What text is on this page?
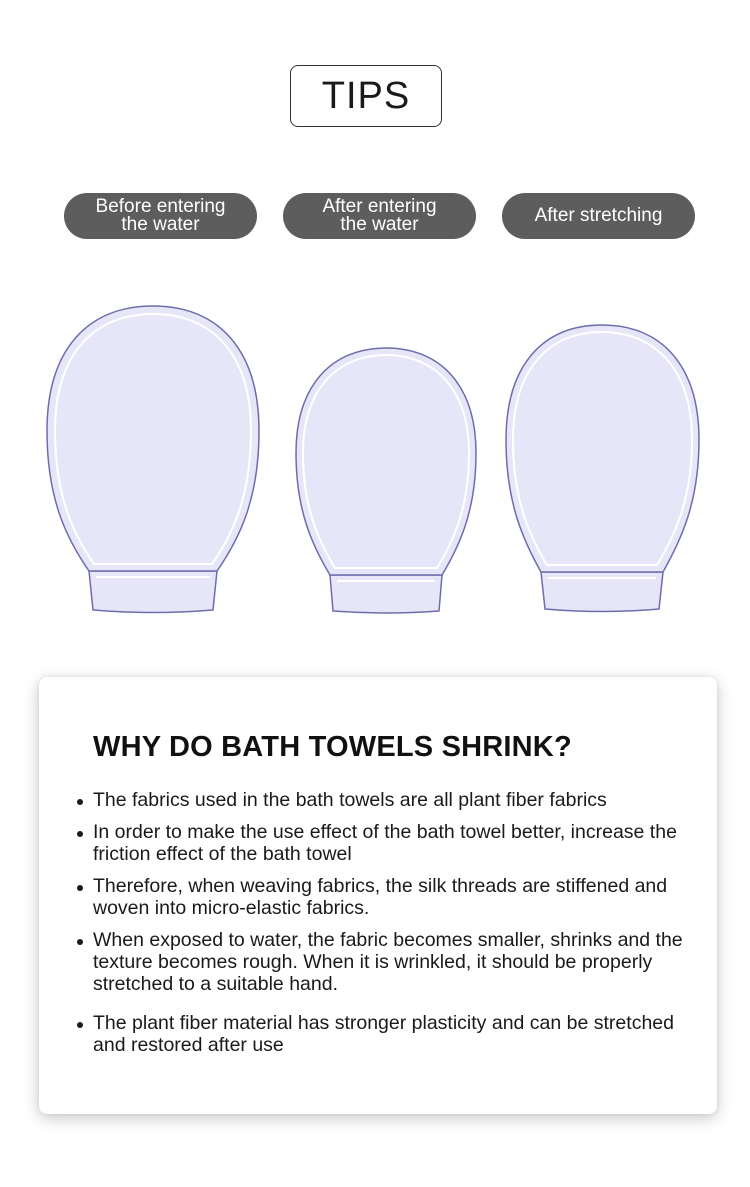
TIPS
Before entering
the water
After entering
the water	After stretching
WHY DO BATH TOWELS SHRINK?
The fabrics used in the bath towels are all plant fiber fabrics
In order to make the use effect of the bath towel better, increase the friction effect of the bath towel
Therefore, when weaving fabrics, the silk threads are stiffened and woven into micro-elastic fabrics.
When exposed to water, the fabric becomes smaller, shrinks and the texture becomes rough. When it is wrinkled, it should be properly stretched to a suitable hand.
The plant fiber material has stronger plasticity and can be stretched and restored after use
